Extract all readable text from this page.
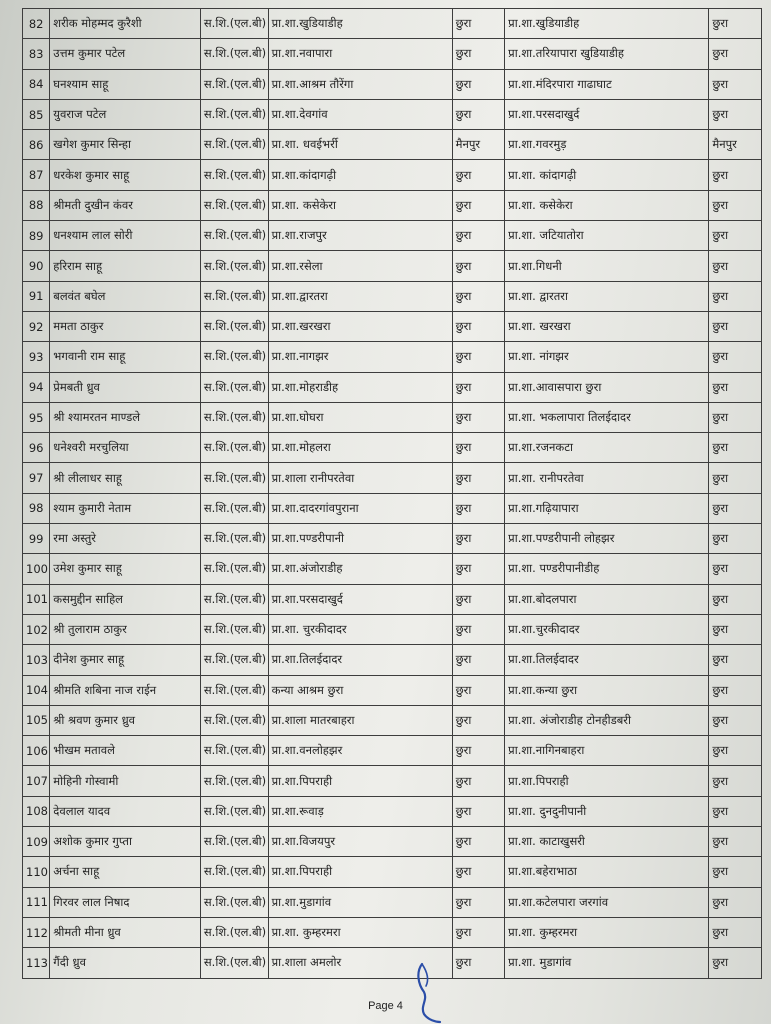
82	शरीक मोहम्मद कुरैशी	स.शि.(एल.बी)	प्रा.शा.खुडियाडीह	छुरा	प्रा.शा.खुडियाडीह	छुरा
83	उत्तम कुमार पटेल	स.शि.(एल.बी)	प्रा.शा.नवापारा	छुरा	प्रा.शा.तरियापारा खुडियाडीह	छुरा
84	घनश्याम साहू	स.शि.(एल.बी)	प्रा.शा.आश्रम तौरेंगा	छुरा	प्रा.शा.मंदिरपारा गाढाघाट	छुरा
85	युवराज पटेल	स.शि.(एल.बी)	प्रा.शा.देवगांव	छुरा	प्रा.शा.परसदाखुर्द	छुरा
86	खगेश कुमार सिन्हा	स.शि.(एल.बी)	प्रा.शा. धवईभर्री	मैनपुर	प्रा.शा.गवरमुड़	मैनपुर
87	धरकेश कुमार साहू	स.शि.(एल.बी)	प्रा.शा.कांदागढ़ी	छुरा	प्रा.शा. कांदागढ़ी	छुरा
88	श्रीमती दुखीन कंवर	स.शि.(एल.बी)	प्रा.शा. कसेकेरा	छुरा	प्रा.शा. कसेकेरा	छुरा
89	धनश्याम लाल सोरी	स.शि.(एल.बी)	प्रा.शा.राजपुर	छुरा	प्रा.शा. जटियातोरा	छुरा
90	हरिराम साहू	स.शि.(एल.बी)	प्रा.शा.रसेला	छुरा	प्रा.शा.गिधनी	छुरा
91	बलवंत बघेल	स.शि.(एल.बी)	प्रा.शा.द्वारतरा	छुरा	प्रा.शा. द्वारतरा	छुरा
92	ममता ठाकुर	स.शि.(एल.बी)	प्रा.शा.खरखरा	छुरा	प्रा.शा. खरखरा	छुरा
93	भगवानी राम साहू	स.शि.(एल.बी)	प्रा.शा.नागझर	छुरा	प्रा.शा. नांगझर	छुरा
94	प्रेमबती ध्रुव	स.शि.(एल.बी)	प्रा.शा.मोहराडीह	छुरा	प्रा.शा.आवासपारा छुरा	छुरा
95	श्री श्यामरतन माण्डले	स.शि.(एल.बी)	प्रा.शा.घोघरा	छुरा	प्रा.शा. भकलापारा तिलईदादर	छुरा
96	धनेश्वरी मरचुलिया	स.शि.(एल.बी)	प्रा.शा.मोहलरा	छुरा	प्रा.शा.रजनकटा	छुरा
97	श्री लीलाधर साहू	स.शि.(एल.बी)	प्रा.शाला रानीपरतेवा	छुरा	प्रा.शा. रानीपरतेवा	छुरा
98	श्याम कुमारी नेताम	स.शि.(एल.बी)	प्रा.शा.दादरगांवपुराना	छुरा	प्रा.शा.गढ़ियापारा	छुरा
99	रमा अस्तुरे	स.शि.(एल.बी)	प्रा.शा.पण्डरीपानी	छुरा	प्रा.शा.पण्डरीपानी लोहझर	छुरा
100	उमेश कुमार साहू	स.शि.(एल.बी)	प्रा.शा.अंजोराडीह	छुरा	प्रा.शा. पण्डरीपानीडीह	छुरा
101	कसमुद्दीन साहिल	स.शि.(एल.बी)	प्रा.शा.परसदाखुर्द	छुरा	प्रा.शा.बोदलपारा	छुरा
102	श्री तुलाराम ठाकुर	स.शि.(एल.बी)	प्रा.शा. चुरकीदादर	छुरा	प्रा.शा.चुरकीदादर	छुरा
103	दीनेश कुमार साहू	स.शि.(एल.बी)	प्रा.शा.तिलईदादर	छुरा	प्रा.शा.तिलईदादर	छुरा
104	श्रीमति शबिना नाज राईन	स.शि.(एल.बी)	कन्या आश्रम छुरा	छुरा	प्रा.शा.कन्या छुरा	छुरा
105	श्री श्रवण कुमार ध्रुव	स.शि.(एल.बी)	प्रा.शाला मातरबाहरा	छुरा	प्रा.शा. अंजोराडीह टोनहीडबरी	छुरा
106	भीखम मतावले	स.शि.(एल.बी)	प्रा.शा.वनलोहझर	छुरा	प्रा.शा.नागिनबाहरा	छुरा
107	मोहिनी गोस्वामी	स.शि.(एल.बी)	प्रा.शा.पिपराही	छुरा	प्रा.शा.पिपराही	छुरा
108	देवलाल यादव	स.शि.(एल.बी)	प्रा.शा.रूवाड़	छुरा	प्रा.शा. दुनदुनीपानी	छुरा
109	अशोक कुमार गुप्ता	स.शि.(एल.बी)	प्रा.शा.विजयपुर	छुरा	प्रा.शा. काटाखुसरी	छुरा
110	अर्चना साहू	स.शि.(एल.बी)	प्रा.शा.पिपराही	छुरा	प्रा.शा.बहेराभाठा	छुरा
111	गिरवर लाल निषाद	स.शि.(एल.बी)	प्रा.शा.मुडागांव	छुरा	प्रा.शा.कटेलपारा जरगांव	छुरा
112	श्रीमती मीना ध्रुव	स.शि.(एल.बी)	प्रा.शा. कुम्हरमरा	छुरा	प्रा.शा. कुम्हरमरा	छुरा
113	गैंदी ध्रुव	स.शि.(एल.बी)	प्रा.शाला अमलोर	छुरा	प्रा.शा. मुडागांव	छुरा
Page 4
